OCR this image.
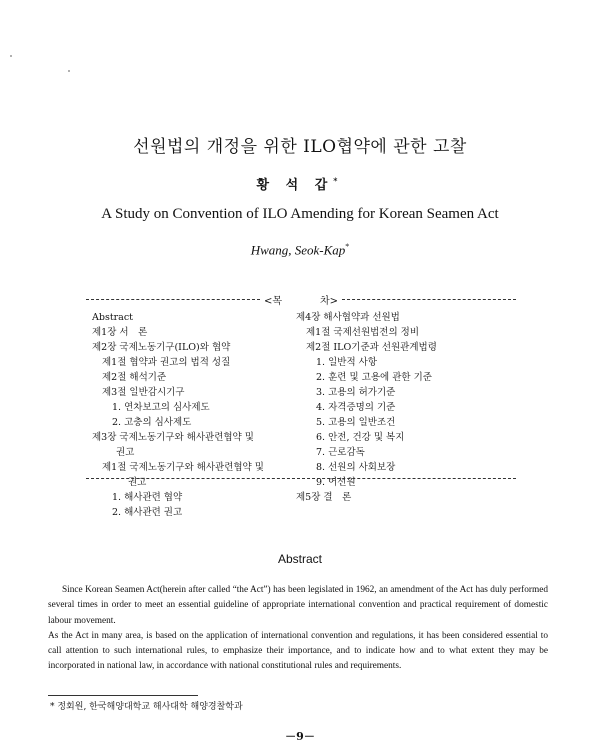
선원법의 개정을 위한 ILO협약에 관한 고찰
황 석 갑*
A Study on Convention of ILO Amending for Korean Seamen Act
Hwang, Seok-Kap*
<목	차>
Abstract
제1장 서　론
제2장 국제노동기구(ILO)와 협약
제1절 협약과 권고의 법적 성질
제2절 해석기준
제3절 일반감시기구
1. 연차보고의 심사제도
2. 고충의 심사제도
제3장 국제노동기구와 해사관련협약 및
권고
제1절 국제노동기구와 해사관련협약 및
권고
1. 해사관련 협약
2. 해사관련 권고
제4장 해사협약과 선원법
제1절 국제선원법전의 정비
제2절 ILO기준과 선원관계법령
1. 일반적 사항
2. 훈련 및 고용에 관한 기준
3. 고용의 허가기준
4. 자격증명의 기준
5. 고용의 일반조건
6. 안전, 건강 및 복지
7. 근로감독
8. 선원의 사회보장
9. 어선원
제5장 결　론
Abstract

Since Korean Seamen Act(herein after called “the Act”) has been legislated in 1962, an amendment of the Act has duly performed several times in order to meet an essential guideline of appropriate international convention and practical requirement of domestic labour movement.

As the Act in many area, is based on the application of international convention and regulations, it has been considered essential to call attention to such international rules, to emphasize their importance, and to indicate how and to what extent they may be incorporated in national law, in accordance with national constitutional rules and requirements.

* 정회원, 한국해양대학교 해사대학 해양경찰학과
－9－
